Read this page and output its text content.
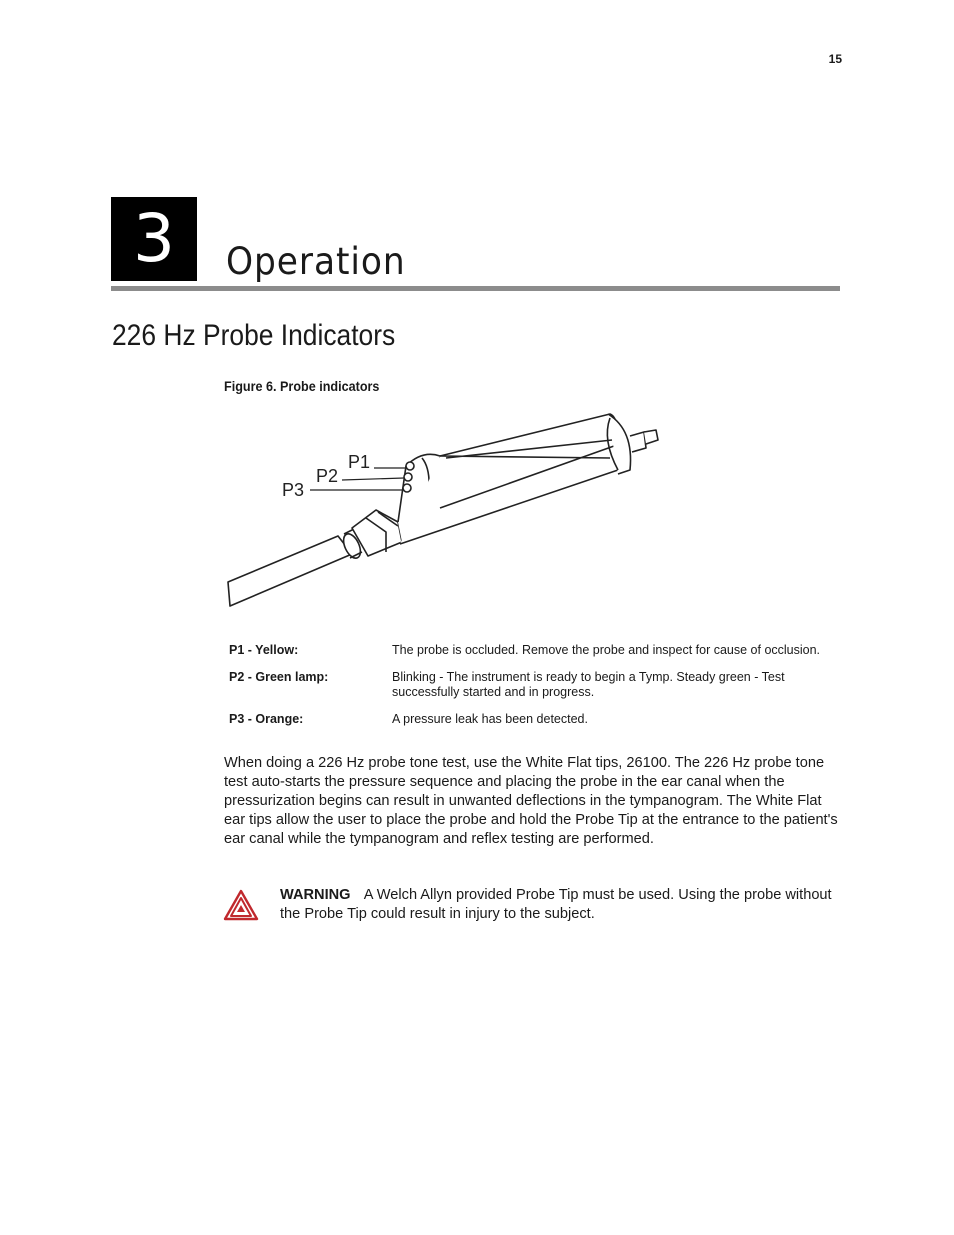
15
3 Operation
226 Hz Probe Indicators
Figure 6. Probe indicators
P1
P2
P3
P1 - Yellow:	The probe is occluded. Remove the probe and inspect for cause of occlusion.
P2 - Green lamp:	Blinking - The instrument is ready to begin a Tymp. Steady green - Test successfully started and in progress.
P3 - Orange:	A pressure leak has been detected.

When doing a 226 Hz probe tone test, use the White Flat tips, 26100. The 226 Hz probe tone test auto-starts the pressure sequence and placing the probe in the ear canal when the pressurization begins can result in unwanted deflections in the tympanogram. The White Flat ear tips allow the user to place the probe and hold the Probe Tip at the entrance to the patient's ear canal while the tympanogram and reflex testing are performed.

WARNING A Welch Allyn provided Probe Tip must be used. Using the probe without the Probe Tip could result in injury to the subject.
